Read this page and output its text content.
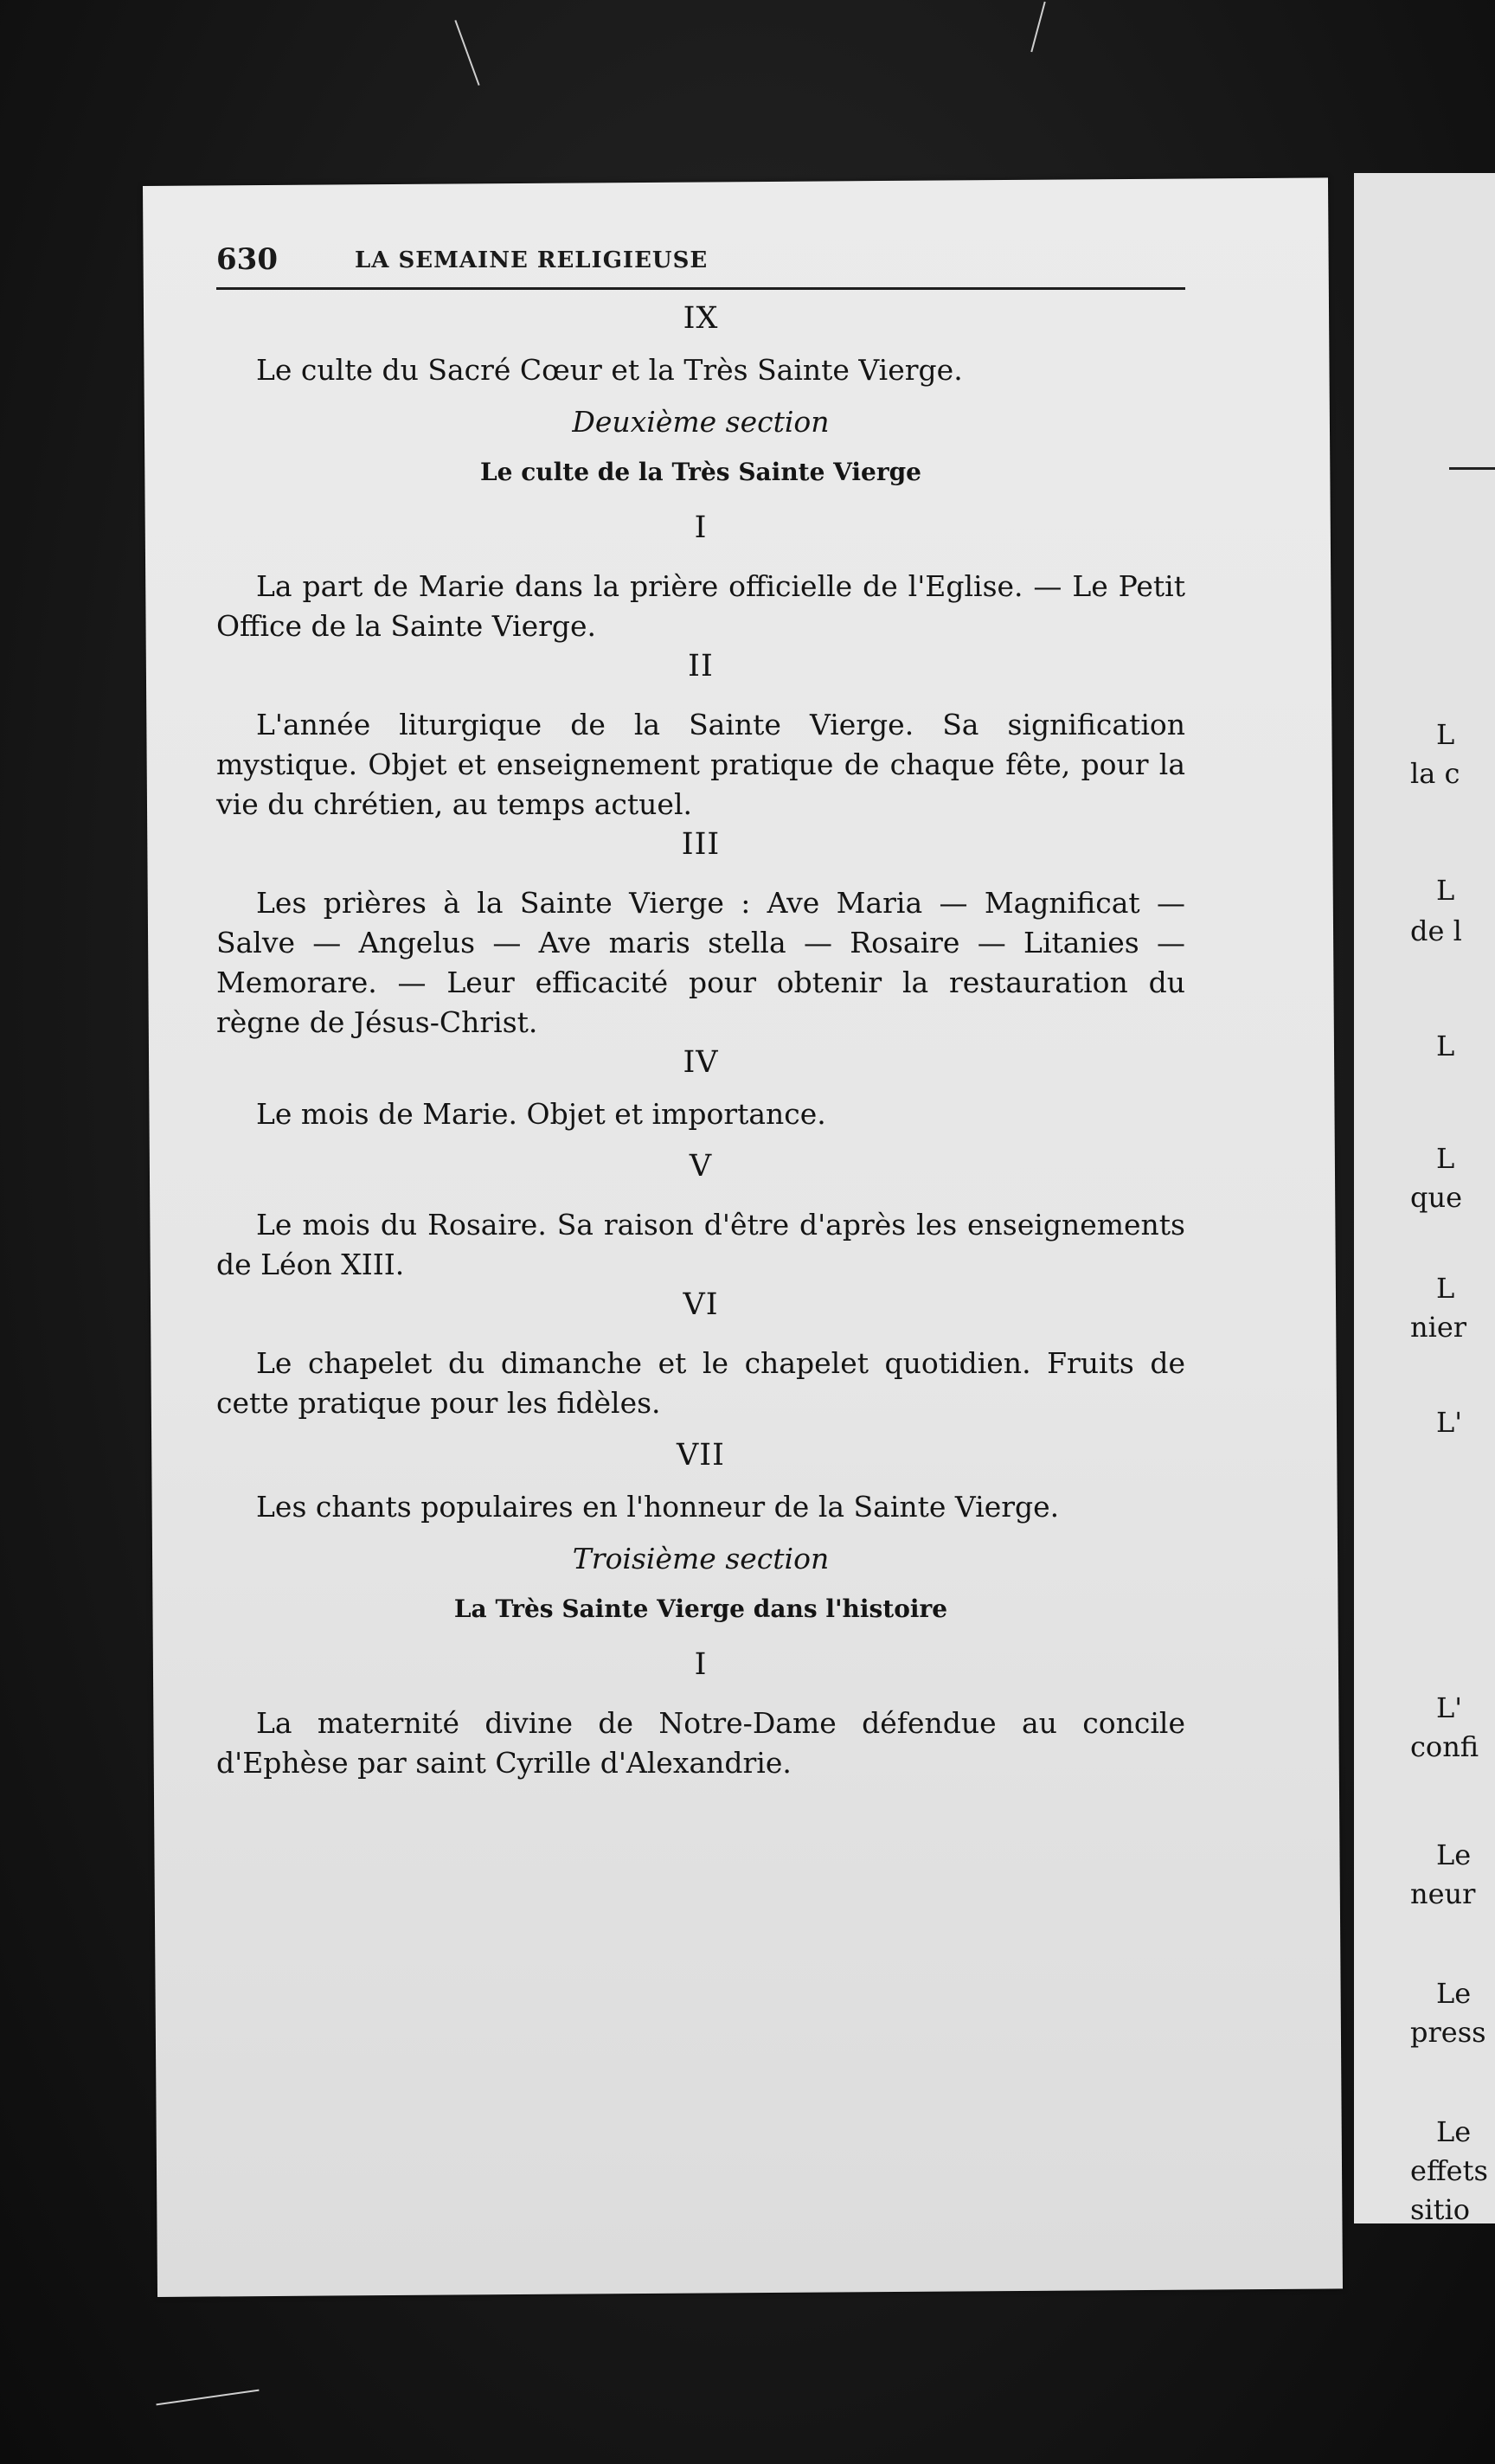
L
la c
L
de l
L
L
que
L
nier
L'
L'
confi
Le
neur
Le
press
Le
effets
sitio
630	LA SEMAINE RELIGIEUSE

IX

Le culte du Sacré Cœur et la Très Sainte Vierge.

Deuxième section

Le culte de la Très Sainte Vierge

I

La part de Marie dans la prière officielle de l'Eglise. — Le Petit Office de la Sainte Vierge.

II

L'année liturgique de la Sainte Vierge. Sa signification mystique. Objet et enseignement pratique de chaque fête, pour la vie du chrétien, au temps actuel.

III

Les prières à la Sainte Vierge : Ave Maria — Magnificat — Salve — Angelus — Ave maris stella — Rosaire — Litanies — Memorare. — Leur efficacité pour obtenir la restauration du règne de Jésus-Christ.

IV

Le mois de Marie. Objet et importance.

V

Le mois du Rosaire. Sa raison d'être d'après les enseignements de Léon XIII.

VI

Le chapelet du dimanche et le chapelet quotidien. Fruits de cette pratique pour les fidèles.

VII

Les chants populaires en l'honneur de la Sainte Vierge.

Troisième section

La Très Sainte Vierge dans l'histoire

I

La maternité divine de Notre-Dame défendue au concile d'Ephèse par saint Cyrille d'Alexandrie.
